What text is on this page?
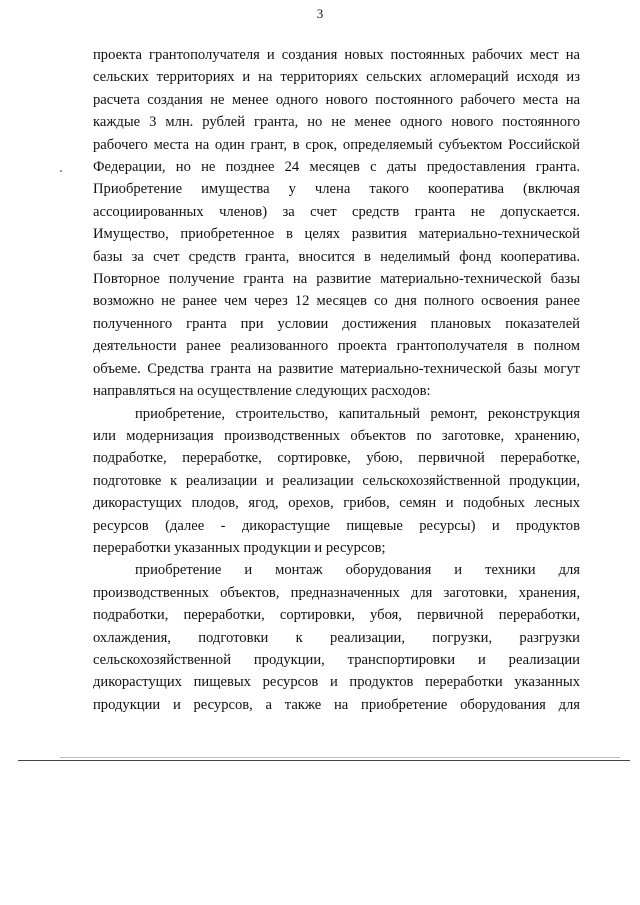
3
проекта грантополучателя и создания новых постоянных рабочих мест на
сельских территориях и на территориях сельских агломераций исходя из
расчета создания не менее одного нового постоянного рабочего места на
каждые 3 млн. рублей гранта, но не менее одного нового постоянного
рабочего места на один грант, в срок, определяемый субъектом Российской
Федерации, но не позднее 24 месяцев с даты предоставления гранта.
Приобретение имущества у члена такого кооператива (включая
ассоциированных членов) за счет средств гранта не допускается.
Имущество, приобретенное в целях развития материально-технической
базы за счет средств гранта, вносится в неделимый фонд кооператива.
Повторное получение гранта на развитие материально-технической базы
возможно не ранее чем через 12 месяцев со дня полного освоения ранее
полученного гранта при условии достижения плановых показателей
деятельности ранее реализованного проекта грантополучателя в полном
объеме. Средства гранта на развитие материально-технической базы могут
направляться на осуществление следующих расходов:
приобретение, строительство, капитальный ремонт, реконструкция
или модернизация производственных объектов по заготовке, хранению,
подработке, переработке, сортировке, убою, первичной переработке,
подготовке к реализации и реализации сельскохозяйственной продукции,
дикорастущих плодов, ягод, орехов, грибов, семян и подобных лесных
ресурсов (далее - дикорастущие пищевые ресурсы) и продуктов
переработки указанных продукции и ресурсов;
приобретение и монтаж оборудования и техники для
производственных объектов, предназначенных для заготовки, хранения,
подработки, переработки, сортировки, убоя, первичной переработки,
охлаждения, подготовки к реализации, погрузки, разгрузки
сельскохозяйственной продукции, транспортировки и реализации
дикорастущих пищевых ресурсов и продуктов переработки указанных
продукции и ресурсов, а также на приобретение оборудования для
